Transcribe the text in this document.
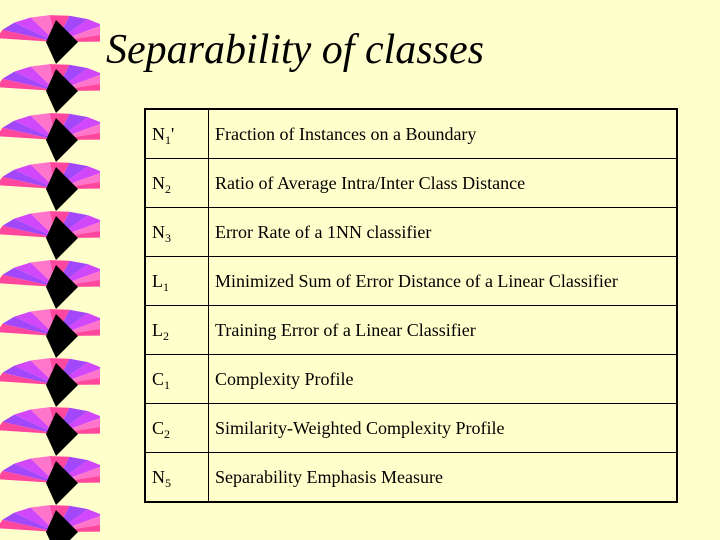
Separability of classes
$N_1'$	Fraction of Instances on a Boundary
$N_2$	Ratio of Average Intra/Inter Class Distance
$N_3$	Error Rate of a 1NN classifier
$L_1$	Minimized Sum of Error Distance of a Linear Classifier
$L_2$	Training Error of a Linear Classifier
$C_1$	Complexity Profile
$C_2$	Similarity-Weighted Complexity Profile
$N_5$	Separability Emphasis Measure
